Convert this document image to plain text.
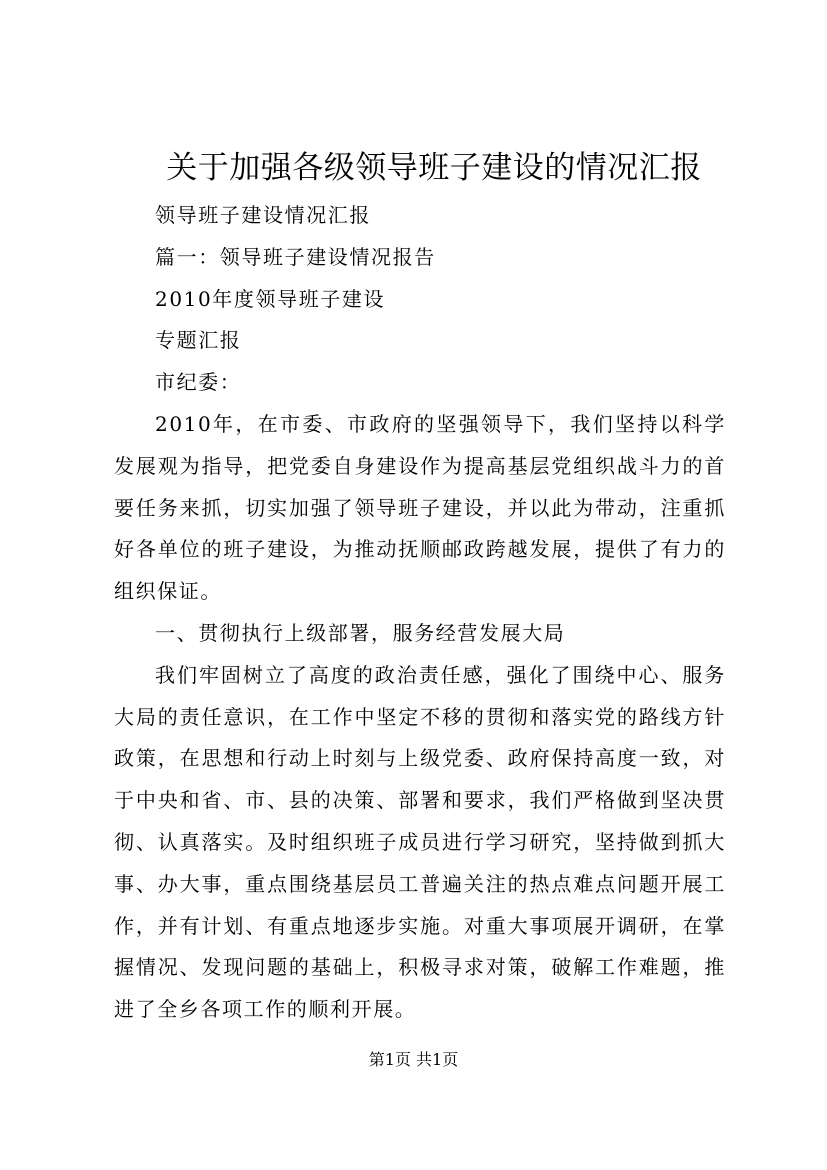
关于加强各级领导班子建设的情况汇报
领导班子建设情况汇报
篇一：领导班子建设情况报告
2010年度领导班子建设
专题汇报
市纪委：

2010年，在市委、市政府的坚强领导下，我们坚持以科学发展观为指导，把党委自身建设作为提高基层党组织战斗力的首要任务来抓，切实加强了领导班子建设，并以此为带动，注重抓好各单位的班子建设，为推动抚顺邮政跨越发展，提供了有力的组织保证。

一、贯彻执行上级部署，服务经营发展大局

我们牢固树立了高度的政治责任感，强化了围绕中心、服务大局的责任意识，在工作中坚定不移的贯彻和落实党的路线方针政策，在思想和行动上时刻与上级党委、政府保持高度一致，对于中央和省、市、县的决策、部署和要求，我们严格做到坚决贯彻、认真落实。及时组织班子成员进行学习研究，坚持做到抓大事、办大事，重点围绕基层员工普遍关注的热点难点问题开展工作，并有计划、有重点地逐步实施。对重大事项展开调研，在掌握情况、发现问题的基础上，积极寻求对策，破解工作难题，推进了全乡各项工作的顺利开展。

第1页 共1页
